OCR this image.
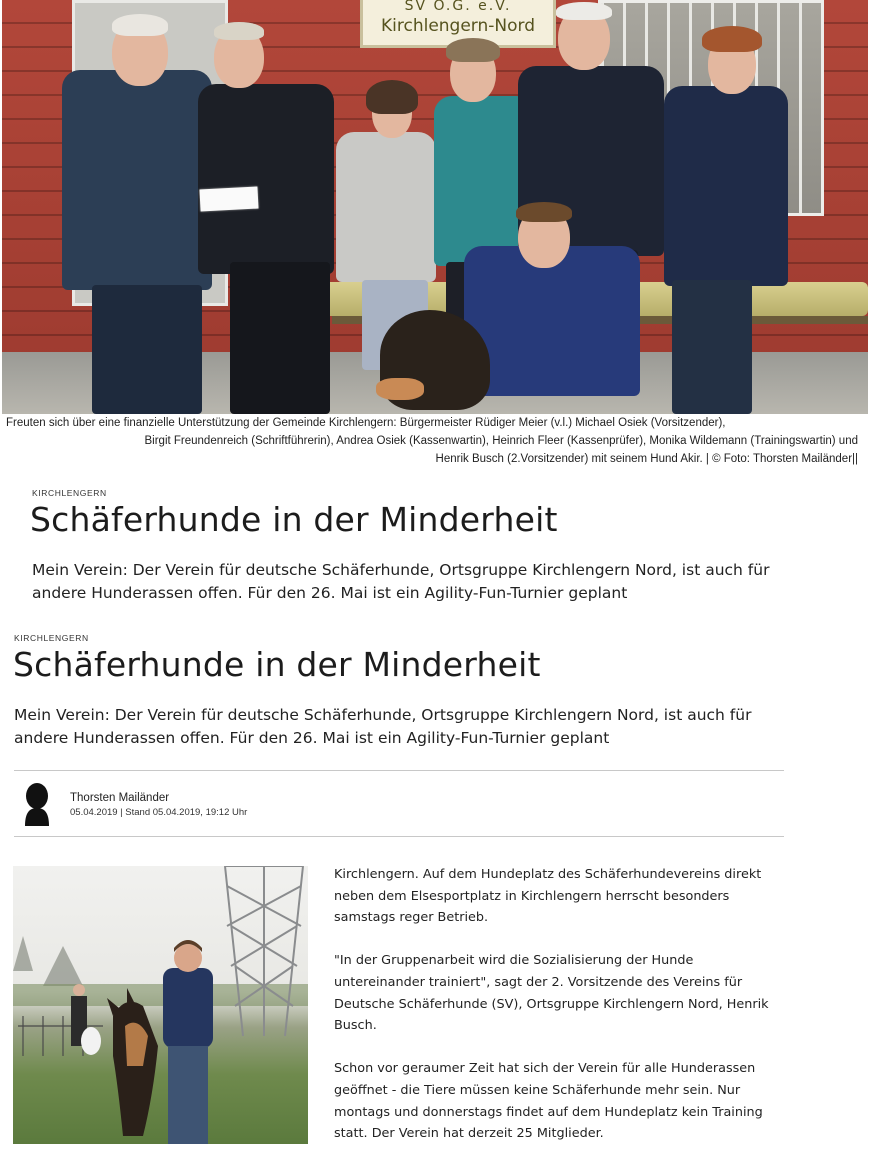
SV O.G. e.V.
Kirchlengern-Nord
Freuten sich über eine finanzielle Unterstützung der Gemeinde Kirchlengern: Bürgermeister Rüdiger Meier (v.l.) Michael Osiek (Vorsitzender),
Birgit Freundenreich (Schriftführerin), Andrea Osiek (Kassenwartin), Heinrich Fleer (Kassenprüfer), Monika Wildemann (Trainingswartin) und
Henrik Busch (2.Vorsitzender) mit seinem Hund Akir. | © Foto: Thorsten Mailänder||
KIRCHLENGERN
Schäferhunde in der Minderheit
Mein Verein: Der Verein für deutsche Schäferhunde, Ortsgruppe Kirchlengern Nord, ist auch für
andere Hunderassen offen. Für den 26. Mai ist ein Agility-Fun-Turnier geplant
KIRCHLENGERN
Schäferhunde in der Minderheit
Mein Verein: Der Verein für deutsche Schäferhunde, Ortsgruppe Kirchlengern Nord, ist auch für
andere Hunderassen offen. Für den 26. Mai ist ein Agility-Fun-Turnier geplant
Thorsten Mailänder
05.04.2019 | Stand 05.04.2019, 19:12 Uhr

Kirchlengern. Auf dem Hundeplatz des Schäferhundevereins direkt neben dem Elsesportplatz in Kirchlengern herrscht besonders samstags reger Betrieb.

"In der Gruppenarbeit wird die Sozialisierung der Hunde untereinander trainiert", sagt der 2. Vorsitzende des Vereins für Deutsche Schäferhunde (SV), Ortsgruppe Kirchlengern Nord, Henrik Busch.

Schon vor geraumer Zeit hat sich der Verein für alle Hunderassen geöffnet - die Tiere müssen keine Schäferhunde mehr sein. Nur montags und donnerstags findet auf dem Hundeplatz kein Training statt. Der Verein hat derzeit 25 Mitglieder.
